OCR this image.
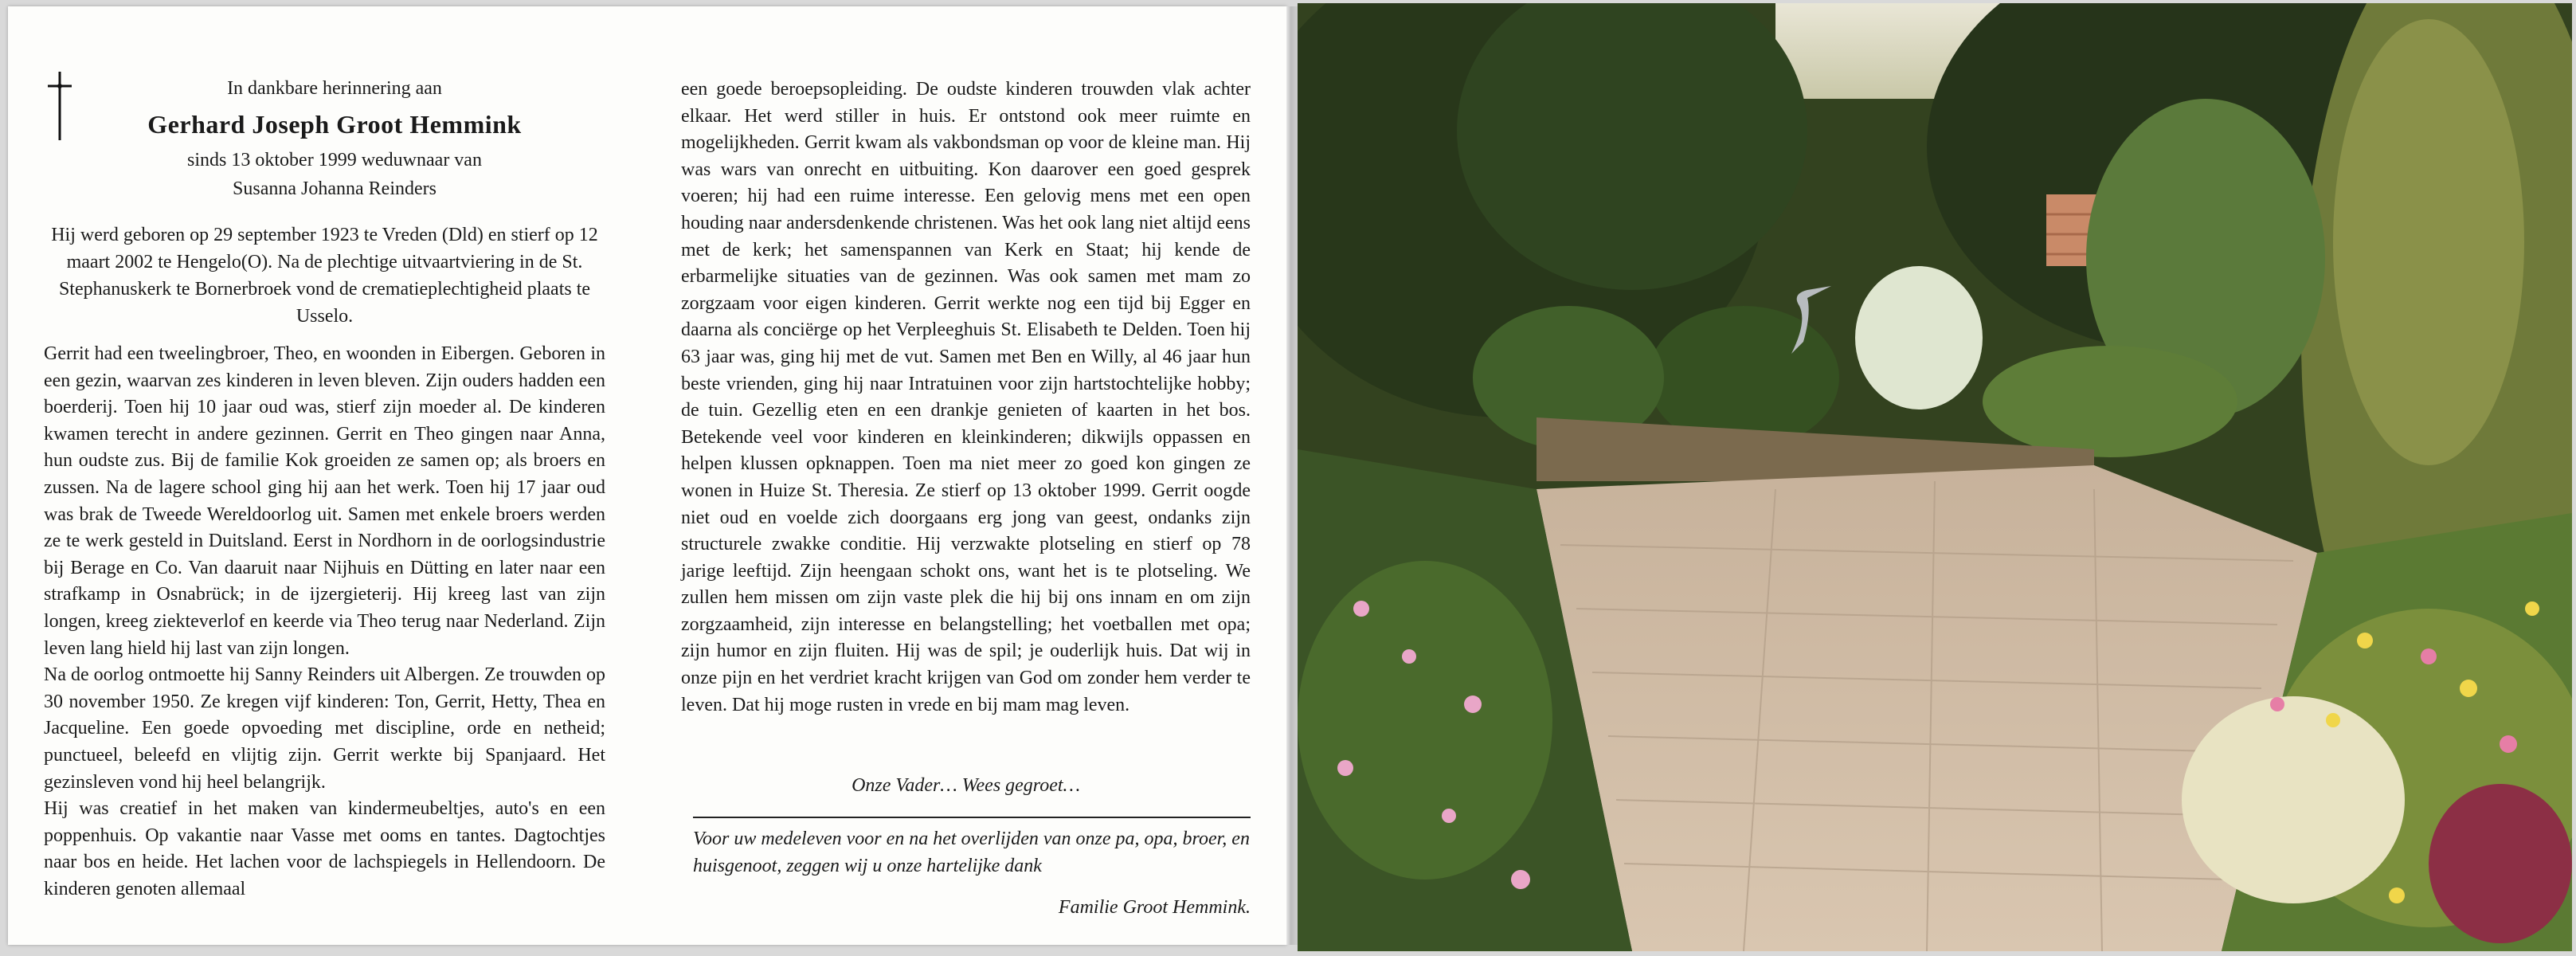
In dankbare herinnering aan
Gerhard Joseph Groot Hemmink
sinds 13 oktober 1999 weduwnaar van
Susanna Johanna Reinders
Hij werd geboren op 29 september 1923 te Vreden (Dld) en stierf op 12 maart 2002 te Hengelo(O). Na de plechtige uitvaartviering in de St. Stephanuskerk te Bornerbroek vond de crematieplechtigheid plaats te Usselo.

Gerrit had een tweelingbroer, Theo, en woonden in Eibergen. Geboren in een gezin, waarvan zes kinderen in leven bleven. Zijn ouders hadden een boerderij. Toen hij 10 jaar oud was, stierf zijn moeder al. De kinderen kwamen terecht in andere gezinnen. Gerrit en Theo gingen naar Anna, hun oudste zus. Bij de familie Kok groeiden ze samen op; als broers en zussen. Na de lagere school ging hij aan het werk. Toen hij 17 jaar oud was brak de Tweede Wereldoorlog uit. Samen met enkele broers werden ze te werk gesteld in Duitsland. Eerst in Nordhorn in de oorlogsindustrie bij Berage en Co. Van daaruit naar Nijhuis en Dütting en later naar een strafkamp in Osnabrück; in de ijzergieterij. Hij kreeg last van zijn longen, kreeg ziekteverlof en keerde via Theo terug naar Nederland. Zijn leven lang hield hij last van zijn longen.

Na de oorlog ontmoette hij Sanny Reinders uit Albergen. Ze trouwden op 30 november 1950. Ze kregen vijf kinderen: Ton, Gerrit, Hetty, Thea en Jacqueline. Een goede opvoeding met discipline, orde en netheid; punctueel, beleefd en vlijtig zijn. Gerrit werkte bij Spanjaard. Het gezinsleven vond hij heel belangrijk.

Hij was creatief in het maken van kindermeubeltjes, auto's en een poppenhuis. Op vakantie naar Vasse met ooms en tantes. Dagtochtjes naar bos en heide. Het lachen voor de lachspiegels in Hellendoorn. De kinderen genoten allemaal

een goede beroepsopleiding. De oudste kinderen trouwden vlak achter elkaar. Het werd stiller in huis. Er ontstond ook meer ruimte en mogelijkheden. Gerrit kwam als vakbondsman op voor de kleine man. Hij was wars van onrecht en uitbuiting. Kon daarover een goed gesprek voeren; hij had een ruime interesse. Een gelovig mens met een open houding naar andersdenkende christenen. Was het ook lang niet altijd eens met de kerk; het samenspannen van Kerk en Staat; hij kende de erbarmelijke situaties van de gezinnen. Was ook samen met mam zo zorgzaam voor eigen kinderen. Gerrit werkte nog een tijd bij Egger en daarna als conciërge op het Verpleeghuis St. Elisabeth te Delden. Toen hij 63 jaar was, ging hij met de vut. Samen met Ben en Willy, al 46 jaar hun beste vrienden, ging hij naar Intratuinen voor zijn hartstochtelijke hobby; de tuin. Gezellig eten en een drankje genieten of kaarten in het bos. Betekende veel voor kinderen en kleinkinderen; dikwijls oppassen en helpen klussen opknappen. Toen ma niet meer zo goed kon gingen ze wonen in Huize St. Theresia. Ze stierf op 13 oktober 1999. Gerrit oogde niet oud en voelde zich doorgaans erg jong van geest, ondanks zijn structurele zwakke conditie. Hij verzwakte plotseling en stierf op 78 jarige leeftijd. Zijn heengaan schokt ons, want het is te plotseling. We zullen hem missen om zijn vaste plek die hij bij ons innam en om zijn zorgzaamheid, zijn interesse en belangstelling; het voetballen met opa; zijn humor en zijn fluiten. Hij was de spil; je ouderlijk huis. Dat wij in onze pijn en het verdriet kracht krijgen van God om zonder hem verder te leven. Dat hij moge rusten in vrede en bij mam mag leven.
Onze Vader… Wees gegroet…
Voor uw medeleven voor en na het overlijden van onze pa, opa, broer, en huisgenoot, zeggen wij u onze hartelijke dank
Familie Groot Hemmink.
